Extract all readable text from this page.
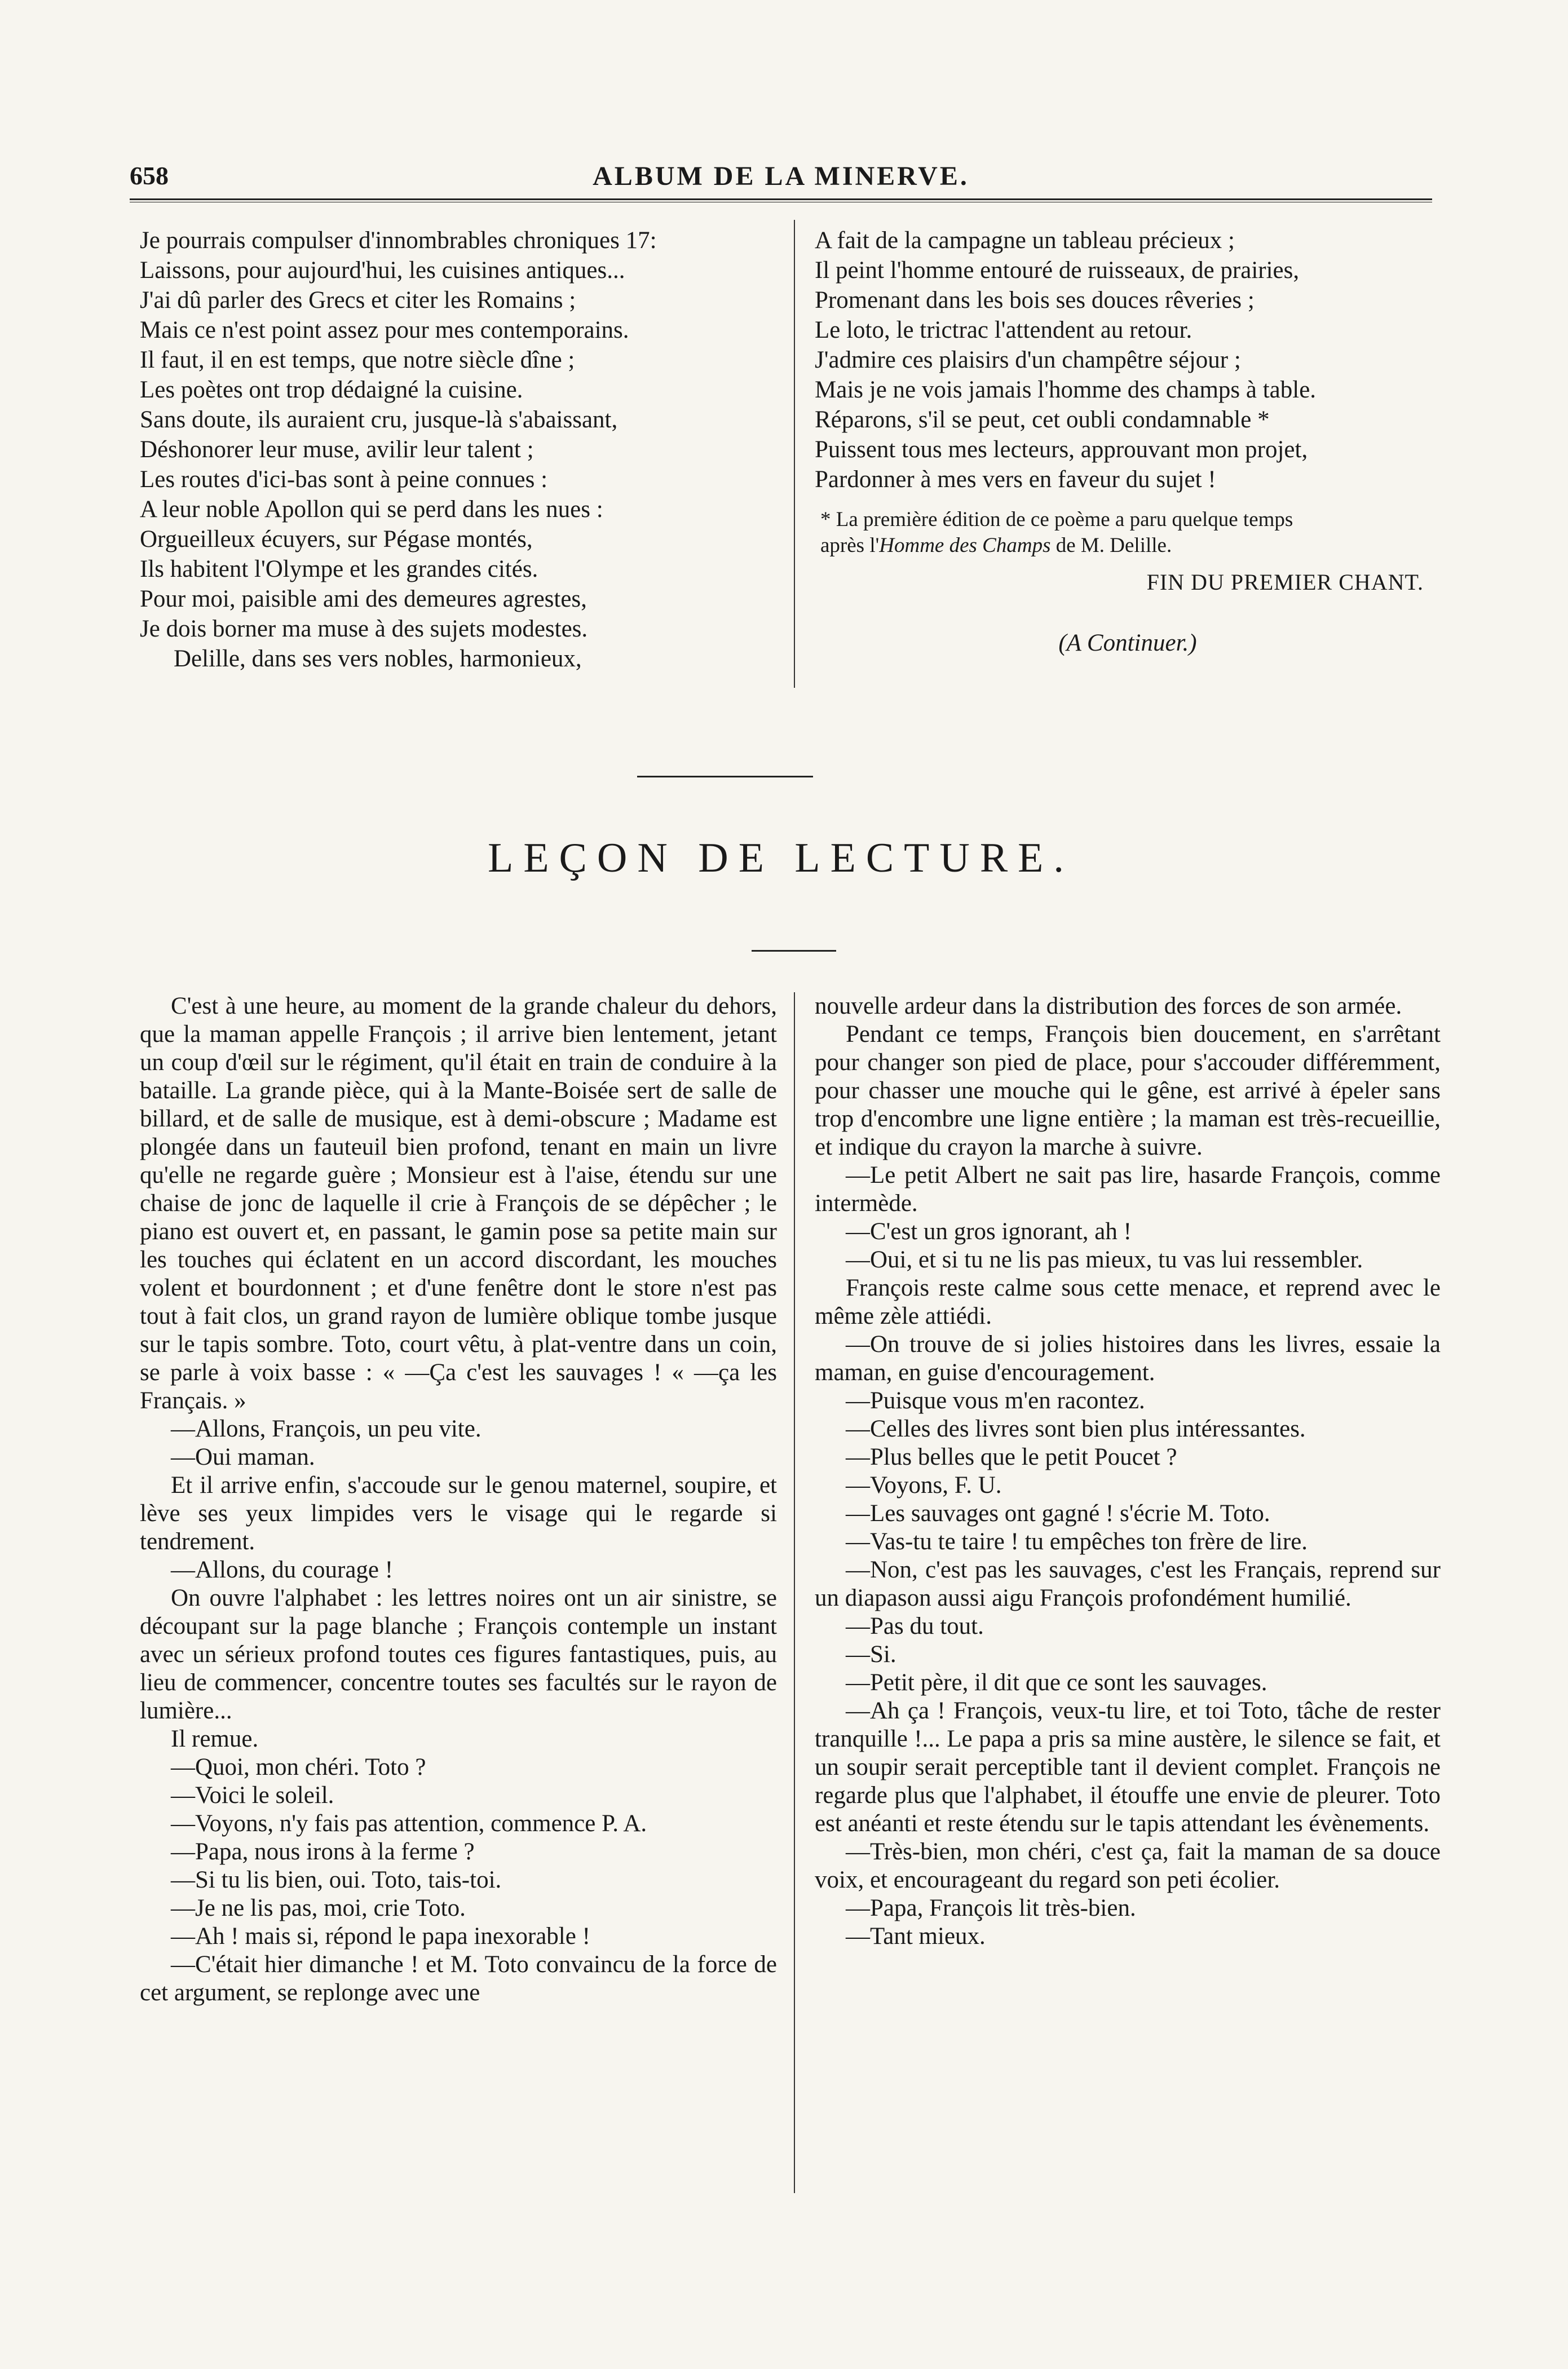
658	ALBUM DE LA MINERVE.
Je pourrais compulser d'innombrables chroniques 17:
Laissons, pour aujourd'hui, les cuisines antiques...
J'ai dû parler des Grecs et citer les Romains ;
Mais ce n'est point assez pour mes contemporains.
Il faut, il en est temps, que notre siècle dîne ;
Les poètes ont trop dédaigné la cuisine.
Sans doute, ils auraient cru, jusque-là s'abaissant,
Déshonorer leur muse, avilir leur talent ;
Les routes d'ici-bas sont à peine connues :
A leur noble Apollon qui se perd dans les nues :
Orgueilleux écuyers, sur Pégase montés,
Ils habitent l'Olympe et les grandes cités.
Pour moi, paisible ami des demeures agrestes,
Je dois borner ma muse à des sujets modestes.
Delille, dans ses vers nobles, harmonieux,
A fait de la campagne un tableau précieux ;
Il peint l'homme entouré de ruisseaux, de prairies,
Promenant dans les bois ses douces rêveries ;
Le loto, le trictrac l'attendent au retour.
J'admire ces plaisirs d'un champêtre séjour ;
Mais je ne vois jamais l'homme des champs à table.
Réparons, s'il se peut, cet oubli condamnable *
Puissent tous mes lecteurs, approuvant mon projet,
Pardonner à mes vers en faveur du sujet !
* La première édition de ce poème a paru quelque temps
après l'Homme des Champs de M. Delille.
FIN DU PREMIER CHANT.
(A Continuer.)
LEÇON DE LECTURE.

C'est à une heure, au moment de la grande chaleur du dehors, que la maman appelle François ; il arrive bien lentement, jetant un coup d'œil sur le régiment, qu'il était en train de conduire à la bataille. La grande pièce, qui à la Mante-Boisée sert de salle de billard, et de salle de musique, est à demi-obscure ; Madame est plongée dans un fauteuil bien profond, tenant en main un livre qu'elle ne regarde guère ; Monsieur est à l'aise, étendu sur une chaise de jonc de laquelle il crie à François de se dépêcher ; le piano est ouvert et, en passant, le gamin pose sa petite main sur les touches qui éclatent en un accord discordant, les mouches volent et bourdonnent ; et d'une fenêtre dont le store n'est pas tout à fait clos, un grand rayon de lumière oblique tombe jusque sur le tapis sombre. Toto, court vêtu, à plat-ventre dans un coin, se parle à voix basse : « —Ça c'est les sauvages ! « —ça les Français. »

—Allons, François, un peu vite.

—Oui maman.

Et il arrive enfin, s'accoude sur le genou maternel, soupire, et lève ses yeux limpides vers le visage qui le regarde si tendrement.

—Allons, du courage !

On ouvre l'alphabet : les lettres noires ont un air sinistre, se découpant sur la page blanche ; François contemple un instant avec un sérieux profond toutes ces figures fantastiques, puis, au lieu de commencer, concentre toutes ses facultés sur le rayon de lumière...

Il remue.

—Quoi, mon chéri. Toto ?

—Voici le soleil.

—Voyons, n'y fais pas attention, commence P. A.

—Papa, nous irons à la ferme ?

—Si tu lis bien, oui. Toto, tais-toi.

—Je ne lis pas, moi, crie Toto.

—Ah ! mais si, répond le papa inexorable !

—C'était hier dimanche ! et M. Toto convaincu de la force de cet argument, se replonge avec une

nouvelle ardeur dans la distribution des forces de son armée.

Pendant ce temps, François bien doucement, en s'arrêtant pour changer son pied de place, pour s'accouder différemment, pour chasser une mouche qui le gêne, est arrivé à épeler sans trop d'encombre une ligne entière ; la maman est très-recueillie, et indique du crayon la marche à suivre.

—Le petit Albert ne sait pas lire, hasarde François, comme intermède.

—C'est un gros ignorant, ah !

—Oui, et si tu ne lis pas mieux, tu vas lui ressembler.

François reste calme sous cette menace, et reprend avec le même zèle attiédi.

—On trouve de si jolies histoires dans les livres, essaie la maman, en guise d'encouragement.

—Puisque vous m'en racontez.

—Celles des livres sont bien plus intéressantes.

—Plus belles que le petit Poucet ?

—Voyons, F. U.

—Les sauvages ont gagné ! s'écrie M. Toto.

—Vas-tu te taire ! tu empêches ton frère de lire.

—Non, c'est pas les sauvages, c'est les Français, reprend sur un diapason aussi aigu François profondément humilié.

—Pas du tout.

—Si.

—Petit père, il dit que ce sont les sauvages.

—Ah ça ! François, veux-tu lire, et toi Toto, tâche de rester tranquille !... Le papa a pris sa mine austère, le silence se fait, et un soupir serait perceptible tant il devient complet. François ne regarde plus que l'alphabet, il étouffe une envie de pleurer. Toto est anéanti et reste étendu sur le tapis attendant les évènements.

—Très-bien, mon chéri, c'est ça, fait la maman de sa douce voix, et encourageant du regard son peti écolier.

—Papa, François lit très-bien.

—Tant mieux.
